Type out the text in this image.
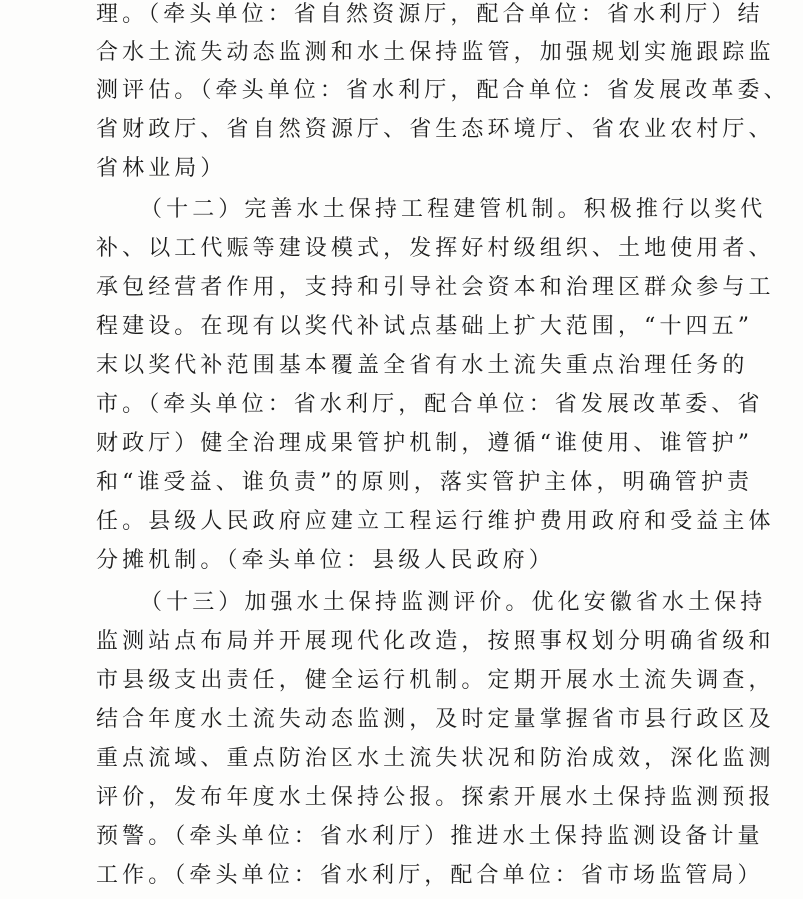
理。（牵头单位：省自然资源厅，配合单位：省水利厅）结
合水土流失动态监测和水土保持监管，加强规划实施跟踪监
测评估。（牵头单位：省水利厅，配合单位：省发展改革委、
省财政厅、省自然资源厅、省生态环境厅、省农业农村厅、
省林业局）
（十二）完善水土保持工程建管机制。积极推行以奖代
补、以工代赈等建设模式，发挥好村级组织、土地使用者、
承包经营者作用，支持和引导社会资本和治理区群众参与工
程建设。在现有以奖代补试点基础上扩大范围，“十四五”
末以奖代补范围基本覆盖全省有水土流失重点治理任务的
市。（牵头单位：省水利厅，配合单位：省发展改革委、省
财政厅）健全治理成果管护机制，遵循“谁使用、谁管护”
和“谁受益、谁负责”的原则，落实管护主体，明确管护责
任。县级人民政府应建立工程运行维护费用政府和受益主体
分摊机制。（牵头单位：县级人民政府）
（十三）加强水土保持监测评价。优化安徽省水土保持
监测站点布局并开展现代化改造，按照事权划分明确省级和
市县级支出责任，健全运行机制。定期开展水土流失调查，
结合年度水土流失动态监测，及时定量掌握省市县行政区及
重点流域、重点防治区水土流失状况和防治成效，深化监测
评价，发布年度水土保持公报。探索开展水土保持监测预报
预警。（牵头单位：省水利厅）推进水土保持监测设备计量
工作。（牵头单位：省水利厅，配合单位：省市场监管局）
